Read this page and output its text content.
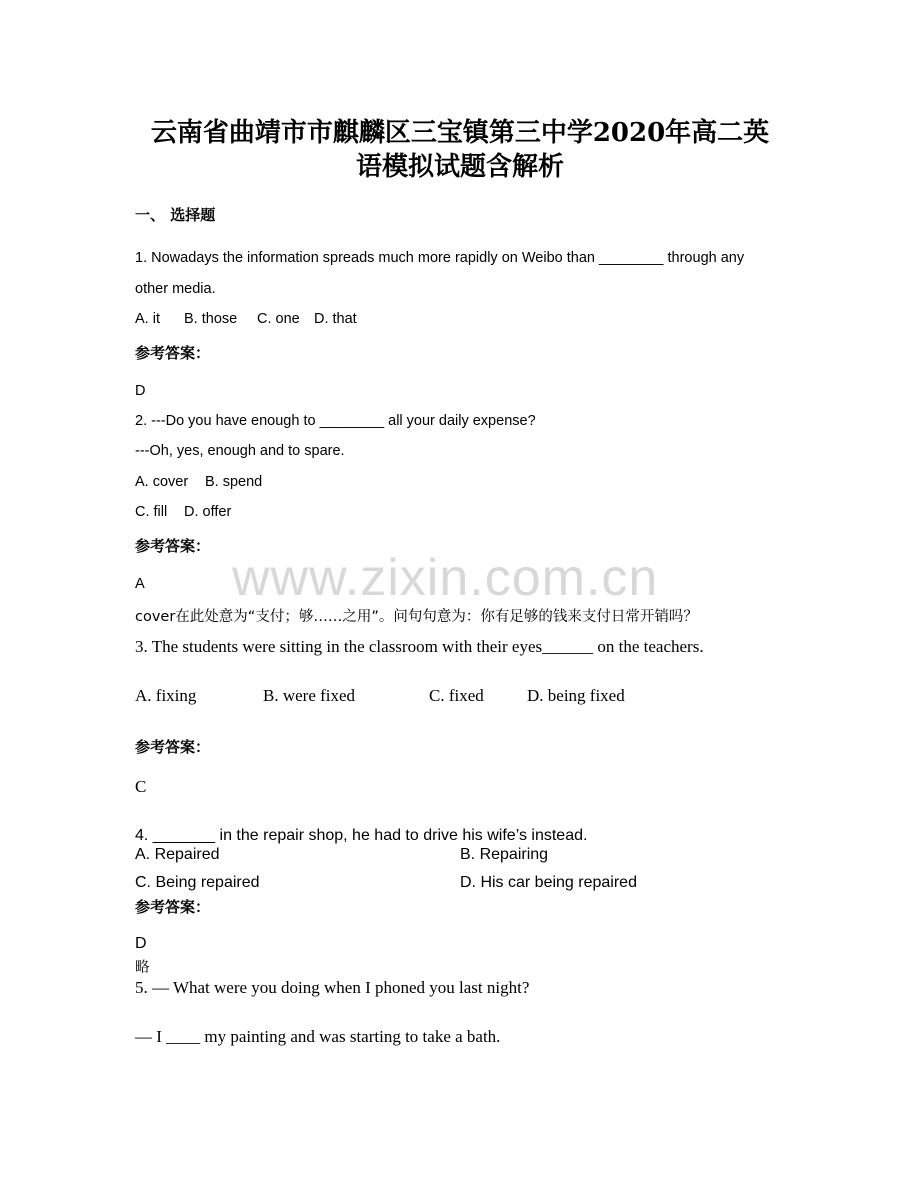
www.zixin.com.cn
云南省曲靖市市麒麟区三宝镇第三中学2020年高二英
语模拟试题含解析
一、 选择题
1. Nowadays the information spreads much more rapidly on Weibo than ________ through any
other media.
A. it B. those C. one D. that
参考答案：
D
2. ---Do you have enough to ________ all your daily expense?
---Oh, yes, enough and to spare.
A. cover B. spend
C. fill D. offer
参考答案：
A
cover在此处意为“支付；够……之用”。问句句意为：你有足够的钱来支付日常开销吗？
3. The students were sitting in the classroom with their eyes______ on the teachers.
A. fixing	B. were fixed	C. fixed	D. being fixed
参考答案：
C
4. _______ in the repair shop, he had to drive his wife’s instead.
A. Repaired	B. Repairing
C. Being repaired	D. His car being repaired
参考答案：
D
略
5. — What were you doing when I phoned you last night?
— I ____ my painting and was starting to take a bath.
